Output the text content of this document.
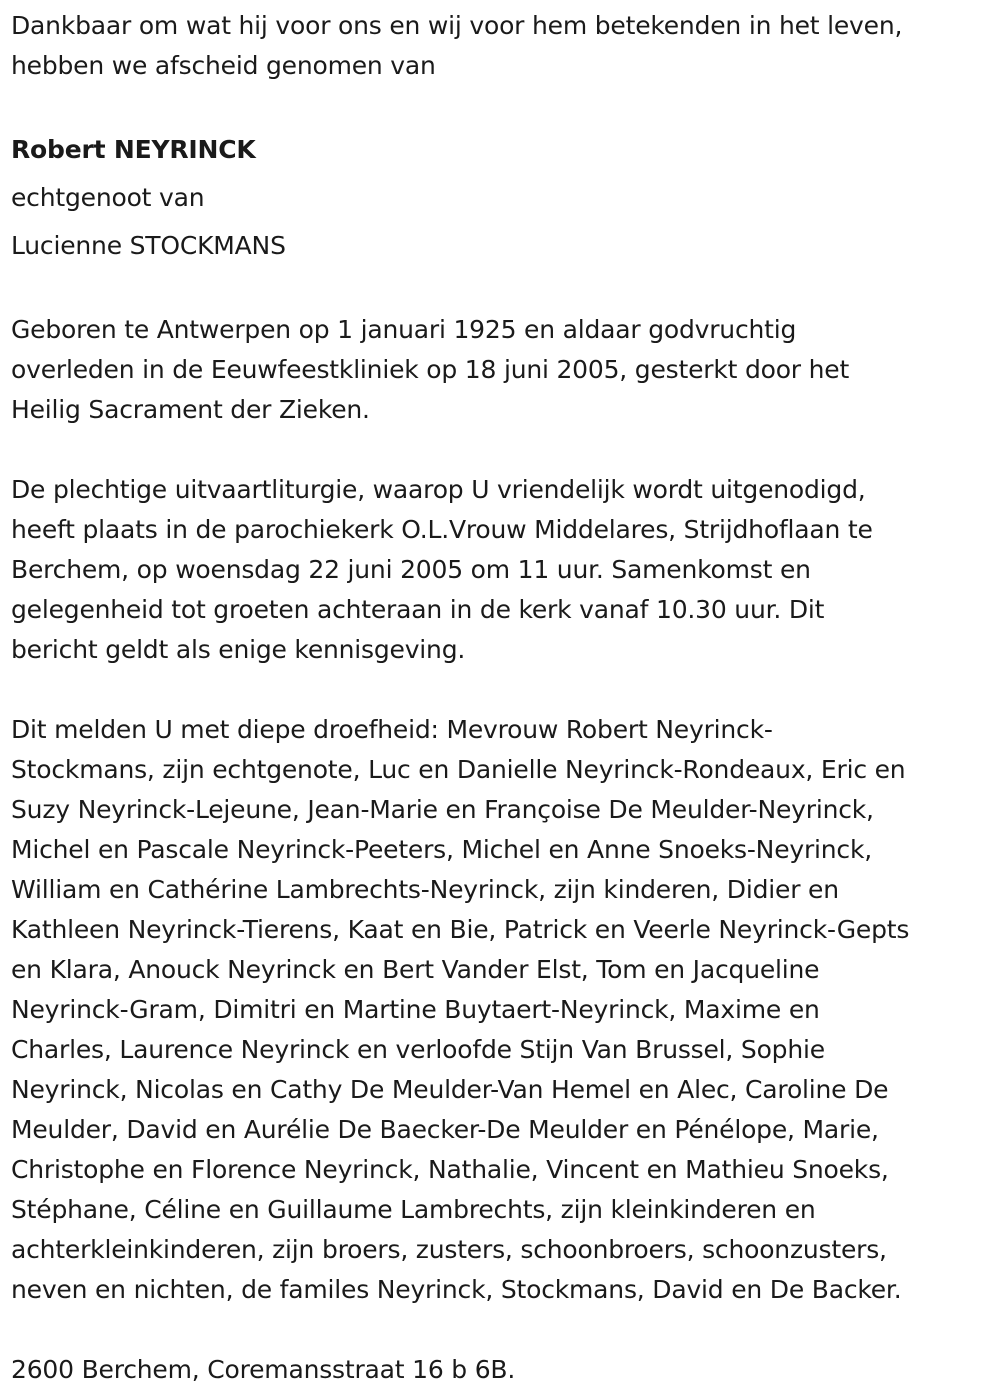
Dankbaar om wat hij voor ons en wij voor hem betekenden in het leven,
hebben we afscheid genomen van
Robert NEYRINCK
echtgenoot van
Lucienne STOCKMANS
Geboren te Antwerpen op 1 januari 1925 en aldaar godvruchtig
overleden in de Eeuwfeestkliniek op 18 juni 2005, gesterkt door het
Heilig Sacrament der Zieken.
De plechtige uitvaartliturgie, waarop U vriendelijk wordt uitgenodigd,
heeft plaats in de parochiekerk O.L.Vrouw Middelares, Strijdhoflaan te
Berchem, op woensdag 22 juni 2005 om 11 uur. Samenkomst en
gelegenheid tot groeten achteraan in de kerk vanaf 10.30 uur. Dit
bericht geldt als enige kennisgeving.
Dit melden U met diepe droefheid: Mevrouw Robert Neyrinck-
Stockmans, zijn echtgenote, Luc en Danielle Neyrinck-Rondeaux, Eric en
Suzy Neyrinck-Lejeune, Jean-Marie en Françoise De Meulder-Neyrinck,
Michel en Pascale Neyrinck-Peeters, Michel en Anne Snoeks-Neyrinck,
William en Cathérine Lambrechts-Neyrinck, zijn kinderen, Didier en
Kathleen Neyrinck-Tierens, Kaat en Bie, Patrick en Veerle Neyrinck-Gepts
en Klara, Anouck Neyrinck en Bert Vander Elst, Tom en Jacqueline
Neyrinck-Gram, Dimitri en Martine Buytaert-Neyrinck, Maxime en
Charles, Laurence Neyrinck en verloofde Stijn Van Brussel, Sophie
Neyrinck, Nicolas en Cathy De Meulder-Van Hemel en Alec, Caroline De
Meulder, David en Aurélie De Baecker-De Meulder en Pénélope, Marie,
Christophe en Florence Neyrinck, Nathalie, Vincent en Mathieu Snoeks,
Stéphane, Céline en Guillaume Lambrechts, zijn kleinkinderen en
achterkleinkinderen, zijn broers, zusters, schoonbroers, schoonzusters,
neven en nichten, de familes Neyrinck, Stockmans, David en De Backer.
2600 Berchem, Coremansstraat 16 b 6B.
